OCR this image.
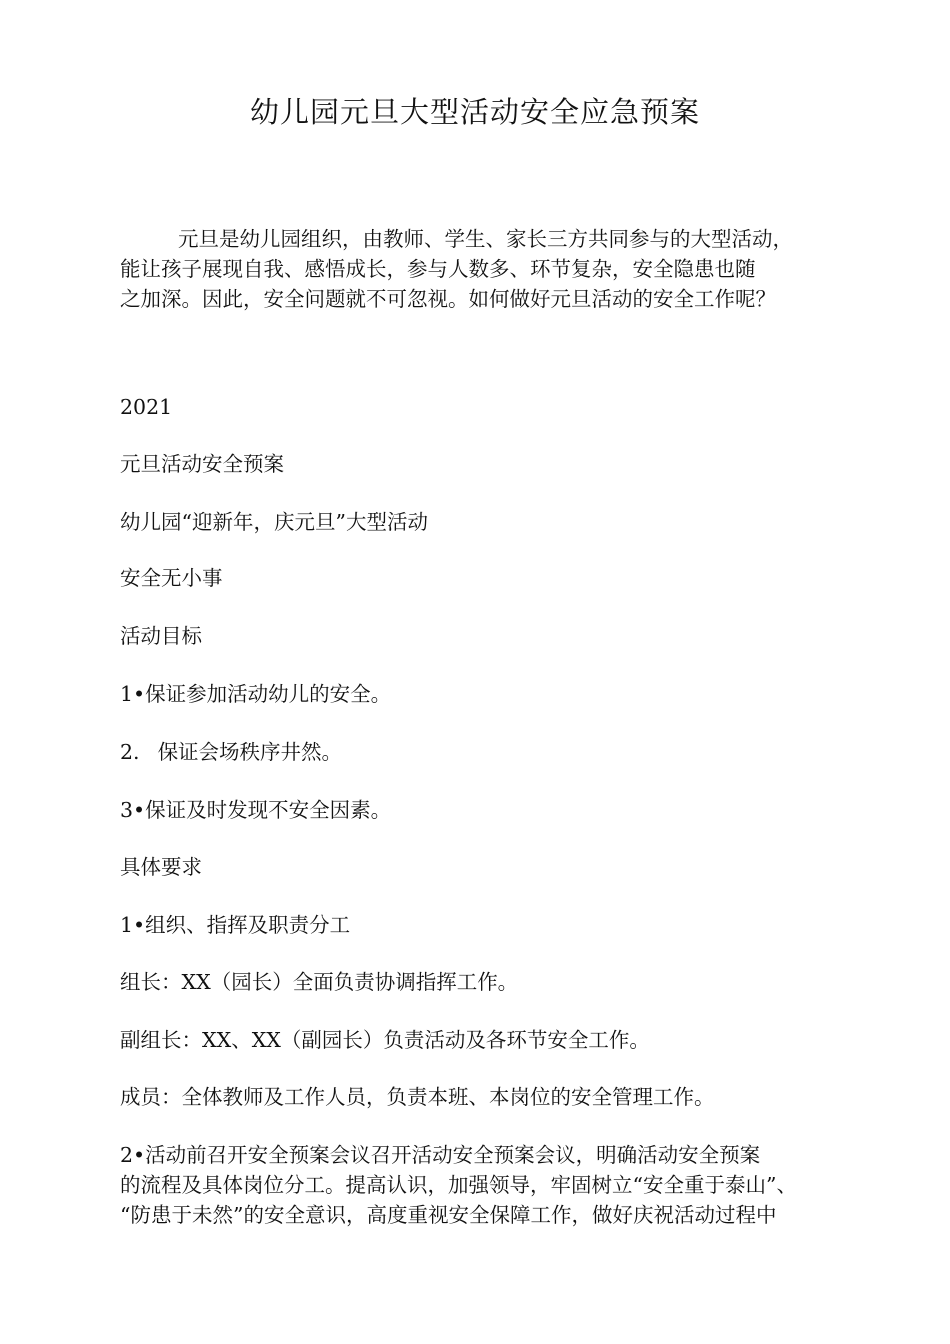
幼儿园元旦大型活动安全应急预案
元旦是幼儿园组织，由教师、学生、家长三方共同参与的大型活动，
能让孩子展现自我、感悟成长，参与人数多、环节复杂，安全隐患也随
之加深。因此，安全问题就不可忽视。如何做好元旦活动的安全工作呢？

2021

元旦活动安全预案

幼儿园“迎新年，庆元旦”大型活动

安全无小事

活动目标

1•保证参加活动幼儿的安全。

2. 保证会场秩序井然。

3•保证及时发现不安全因素。

具体要求

1•组织、指挥及职责分工

组长：XX（园长）全面负责协调指挥工作。

副组长：XX、XX（副园长）负责活动及各环节安全工作。

成员：全体教师及工作人员，负责本班、本岗位的安全管理工作。

2•活动前召开安全预案会议召开活动安全预案会议，明确活动安全预案
的流程及具体岗位分工。提高认识，加强领导，牢固树立“安全重于泰山”、
“防患于未然”的安全意识，高度重视安全保障工作，做好庆祝活动过程中
